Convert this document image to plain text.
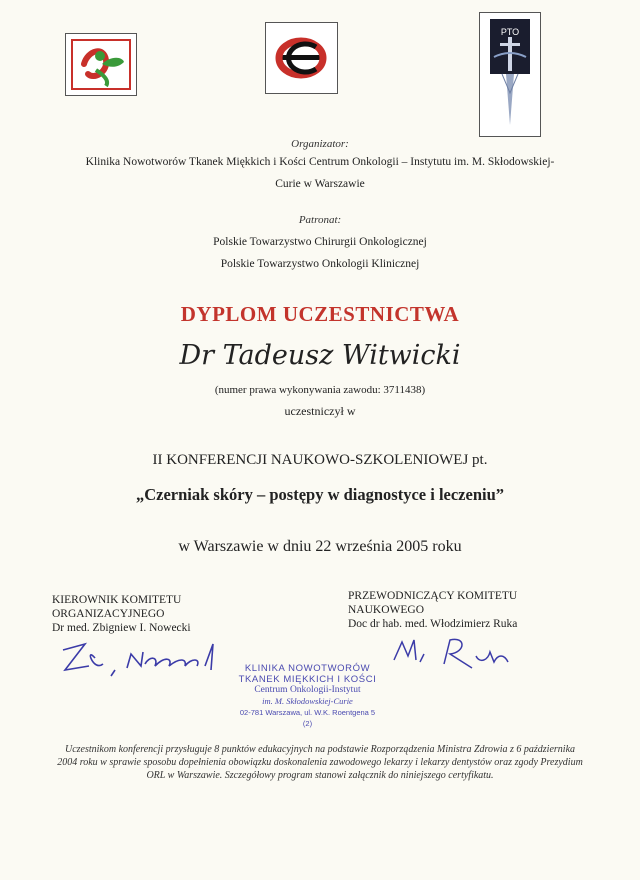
PTO
Organizator:
Klinika Nowotworów Tkanek Miękkich i Kości Centrum Onkologii – Instytutu im. M. Skłodowskiej-
Curie w Warszawie
Patronat:
Polskie Towarzystwo Chirurgii Onkologicznej
Polskie Towarzystwo Onkologii Klinicznej
DYPLOM UCZESTNICTWA
Dr Tadeusz Witwicki
(numer prawa wykonywania zawodu: 3711438)
uczestniczył w
II KONFERENCJI NAUKOWO-SZKOLENIOWEJ pt.
„Czerniak skóry – postępy w diagnostyce i leczeniu”
w Warszawie w dniu 22 września 2005 roku
KIEROWNIK KOMITETU
ORGANIZACYJNEGO
Dr med. Zbigniew I. Nowecki
PRZEWODNICZĄCY KOMITETU
NAUKOWEGO
Doc dr hab. med. Włodzimierz Ruka
KLINIKA NOWOTWORÓW
TKANEK MIĘKKICH I KOŚCI
Centrum Onkologii-Instytut
im. M. Skłodowskiej-Curie
02-781 Warszawa, ul. W.K. Roentgena 5
(2)
Uczestnikom konferencji przysługuje 8 punktów edukacyjnych na podstawie Rozporządzenia Ministra Zdrowia z 6 października 2004 roku w sprawie sposobu dopełnienia obowiązku doskonalenia zawodowego lekarzy i lekarzy dentystów oraz zgody Prezydium ORL w Warszawie. Szczegółowy program stanowi załącznik do niniejszego certyfikatu.
